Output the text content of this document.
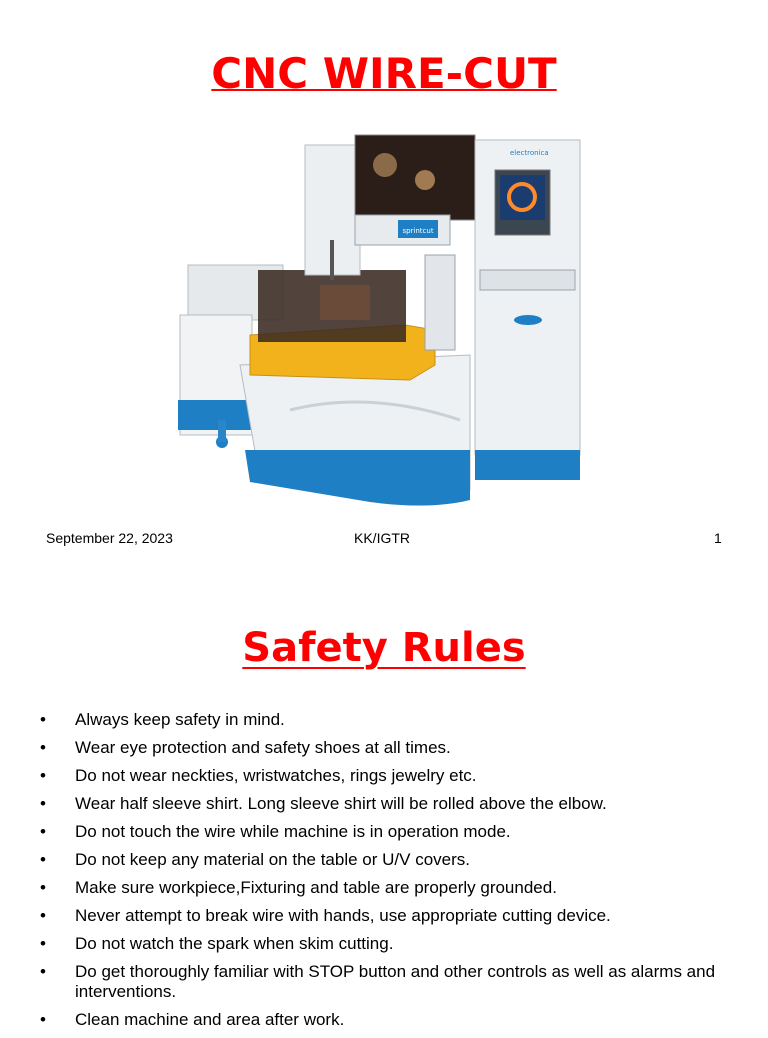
CNC WIRE-CUT
sprintcut
electronica
September 22, 2023	KK/IGTR	1
Safety Rules
• Always keep safety in mind.
• Wear eye protection and safety shoes at all times.
• Do not wear neckties, wristwatches, rings jewelry etc.
• Wear half sleeve shirt. Long sleeve shirt will be rolled above the elbow.
• Do not touch the wire while machine is in operation mode.
• Do not keep any material on the table or U/V covers.
• Make sure workpiece,Fixturing and table are properly grounded.
• Never attempt to break wire with hands, use appropriate cutting device.
• Do not watch the spark when skim cutting.
• Do get thoroughly familiar with STOP button and other controls as well as alarms and interventions.
• Clean machine and area after work.
